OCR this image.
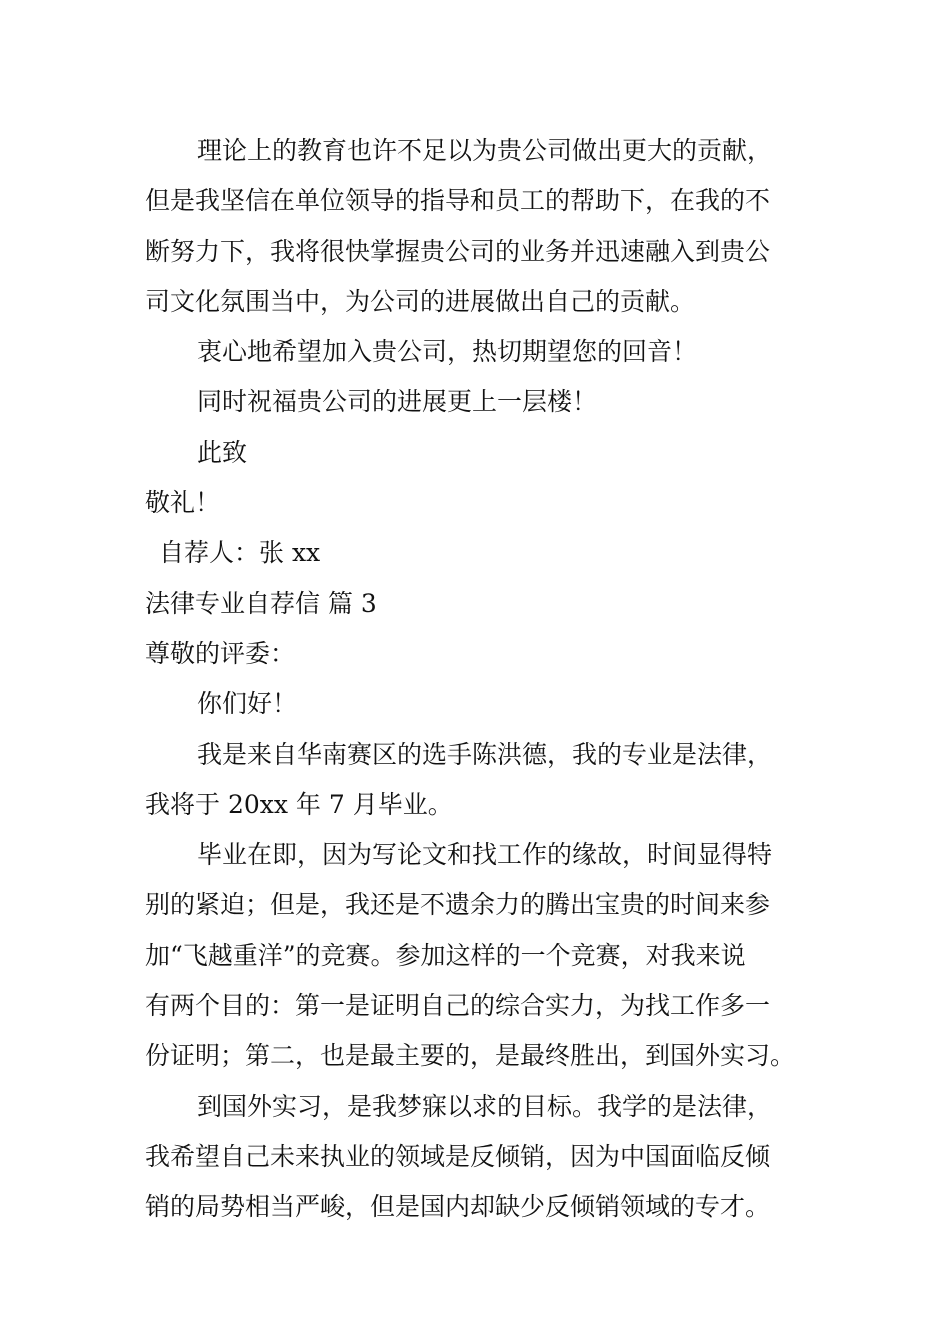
理论上的教育也许不足以为贵公司做出更大的贡献，
但是我坚信在单位领导的指导和员工的帮助下，在我的不
断努力下，我将很快掌握贵公司的业务并迅速融入到贵公
司文化氛围当中，为公司的进展做出自己的贡献。
衷心地希望加入贵公司，热切期望您的回音！
同时祝福贵公司的进展更上一层楼！
此致
敬礼！
自荐人：张 xx
法律专业自荐信 篇 3
尊敬的评委：
你们好！
我是来自华南赛区的选手陈洪德，我的专业是法律，
我将于 20xx 年 7 月毕业。
毕业在即，因为写论文和找工作的缘故，时间显得特
别的紧迫；但是，我还是不遗余力的腾出宝贵的时间来参
加“飞越重洋”的竞赛。参加这样的一个竞赛，对我来说
有两个目的：第一是证明自己的综合实力，为找工作多一
份证明；第二，也是最主要的，是最终胜出，到国外实习。
到国外实习，是我梦寐以求的目标。我学的是法律，
我希望自己未来执业的领域是反倾销，因为中国面临反倾
销的局势相当严峻，但是国内却缺少反倾销领域的专才。
